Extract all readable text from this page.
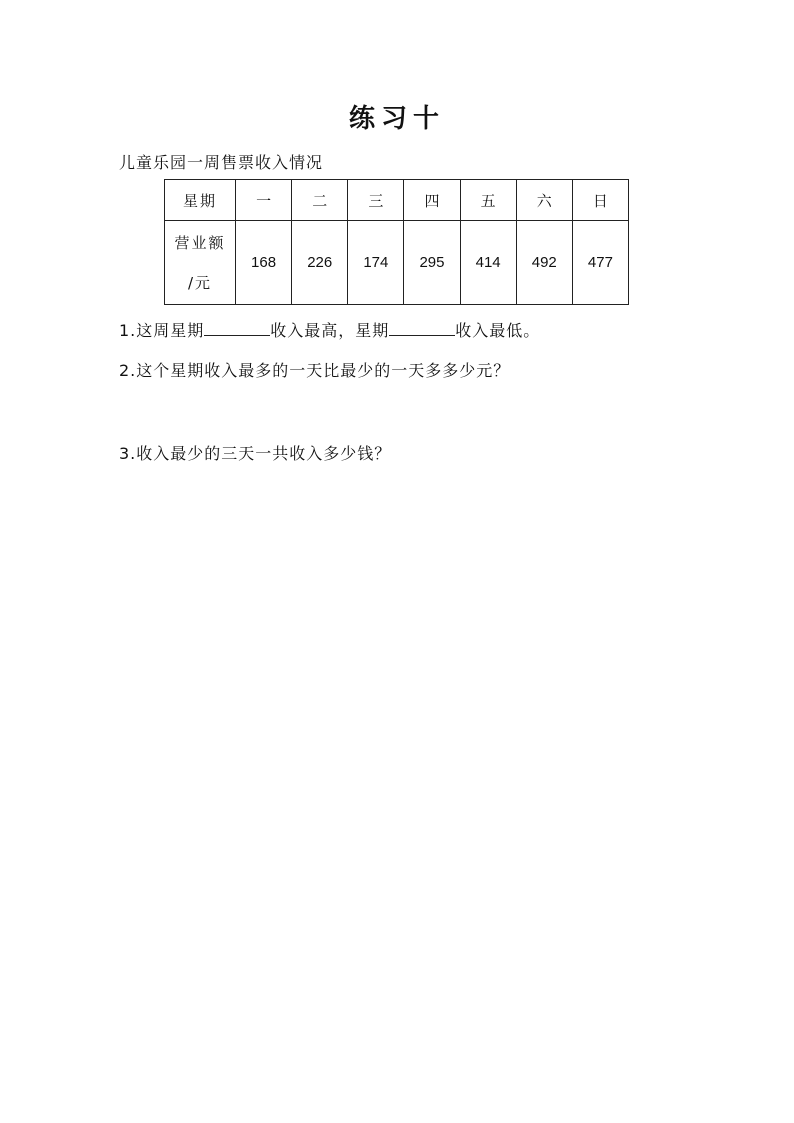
练习十

儿童乐园一周售票收入情况

星期	一	二	三	四	五	六	日

营业额
/元	168	226	174	295	414	492	477

1.这周星期	收入最高，星期	收入最低。

2.这个星期收入最多的一天比最少的一天多多少元？

3.收入最少的三天一共收入多少钱？
